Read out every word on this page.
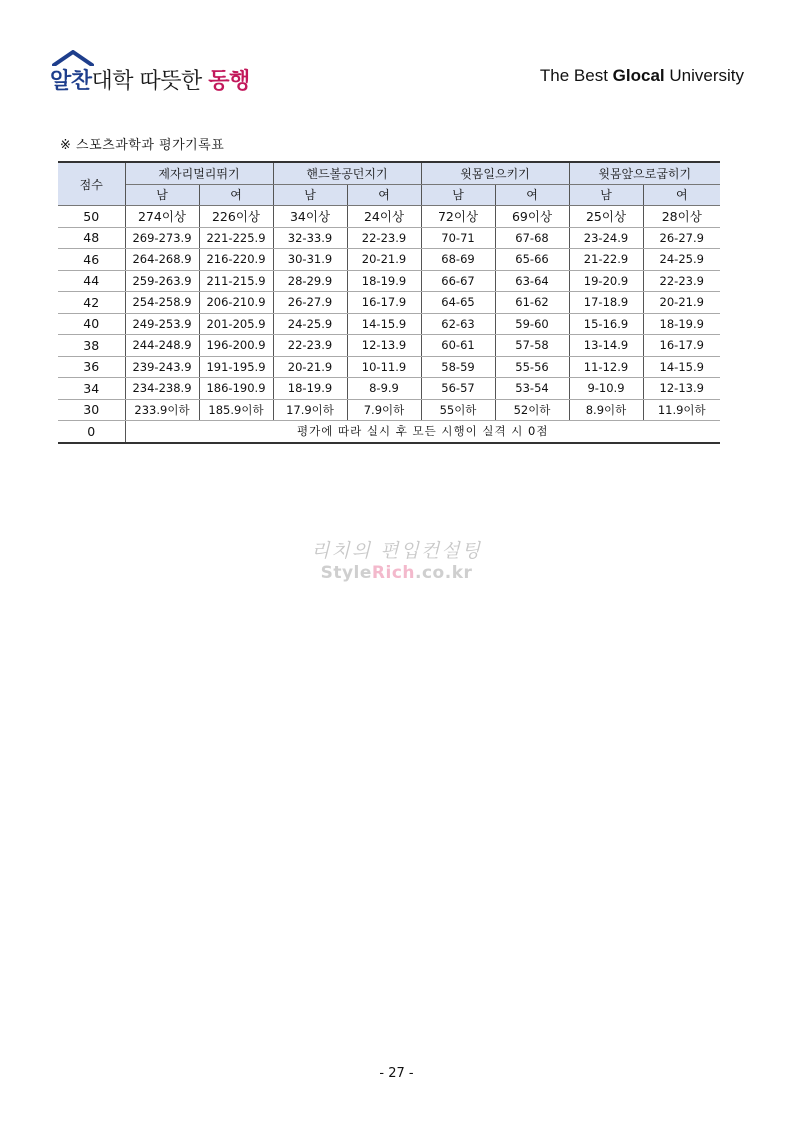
알찬대학 따뜻한 동행	The Best Glocal University
※ 스포츠과학과 평가기록표
점수	제자리멀리뛰기		핸드볼공던지기		윗몸일으키기		윗몸앞으로굽히기	
	남	여	남	여	남	여	남	여
50	274이상	226이상	34이상	24이상	72이상	69이상	25이상	28이상
48	269-273.9	221-225.9	32-33.9	22-23.9	70-71	67-68	23-24.9	26-27.9
46	264-268.9	216-220.9	30-31.9	20-21.9	68-69	65-66	21-22.9	24-25.9
44	259-263.9	211-215.9	28-29.9	18-19.9	66-67	63-64	19-20.9	22-23.9
42	254-258.9	206-210.9	26-27.9	16-17.9	64-65	61-62	17-18.9	20-21.9
40	249-253.9	201-205.9	24-25.9	14-15.9	62-63	59-60	15-16.9	18-19.9
38	244-248.9	196-200.9	22-23.9	12-13.9	60-61	57-58	13-14.9	16-17.9
36	239-243.9	191-195.9	20-21.9	10-11.9	58-59	55-56	11-12.9	14-15.9
34	234-238.9	186-190.9	18-19.9	8-9.9	56-57	53-54	9-10.9	12-13.9
30	233.9이하	185.9이하	17.9이하	7.9이하	55이하	52이하	8.9이하	11.9이하
0	평가에 따라 실시 후 모든 시행이 실격 시 0점							
리치의 편입컨설팅
StyleRich.co.kr
- 27 -
